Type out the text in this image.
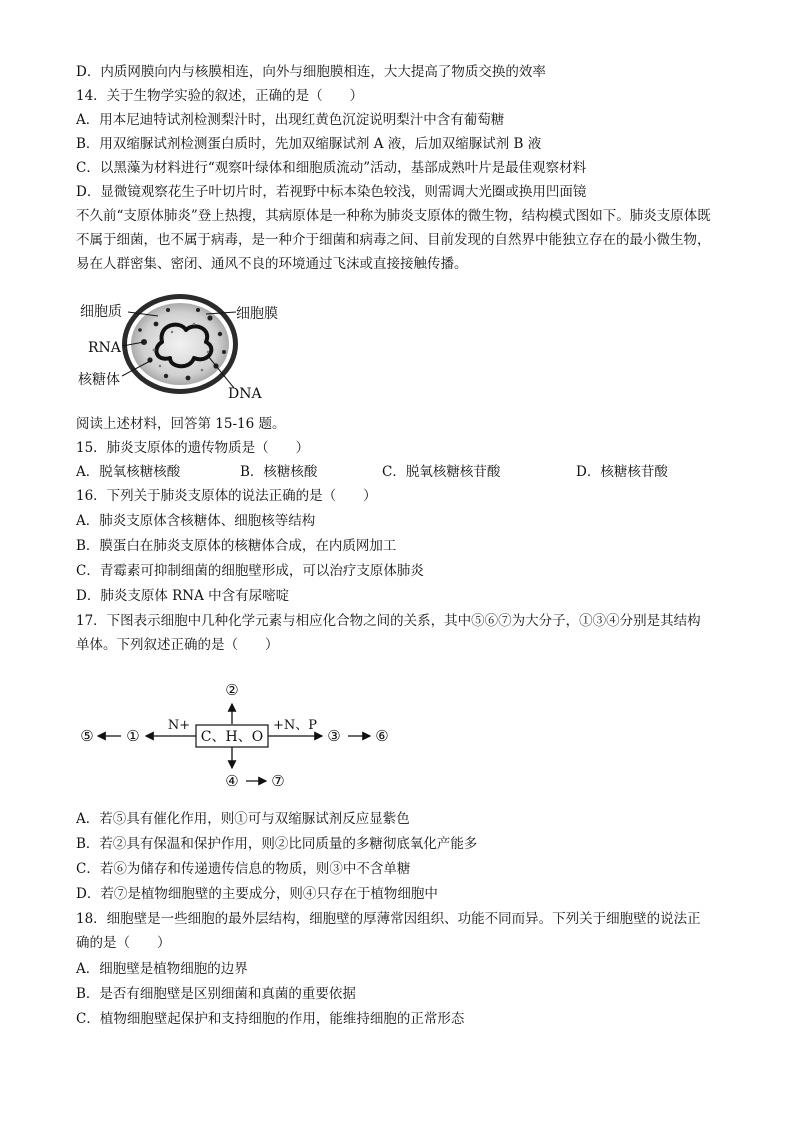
D．内质网膜向内与核膜相连，向外与细胞膜相连，大大提高了物质交换的效率
14．关于生物学实验的叙述，正确的是（　　）
A．用本尼迪特试剂检测梨汁时，出现红黄色沉淀说明梨汁中含有葡萄糖
B．用双缩脲试剂检测蛋白质时，先加双缩脲试剂 A 液，后加双缩脲试剂 B 液
C．以黑藻为材料进行“观察叶绿体和细胞质流动”活动，基部成熟叶片是最佳观察材料
D．显微镜观察花生子叶切片时，若视野中标本染色较浅，则需调大光圈或换用凹面镜
不久前“支原体肺炎”登上热搜，其病原体是一种称为肺炎支原体的微生物，结构模式图如下。肺炎支原体既
不属于细菌，也不属于病毒，是一种介于细菌和病毒之间、目前发现的自然界中能独立存在的最小微生物，
易在人群密集、密闭、通风不良的环境通过飞沫或直接接触传播。
细胞质	细胞膜
RNA
核糖体
DNA
阅读上述材料，回答第 15-16 题。
15．肺炎支原体的遗传物质是（　　）
A．脱氧核糖核酸	B．核糖核酸	C．脱氧核糖核苷酸	D．核糖核苷酸
16．下列关于肺炎支原体的说法正确的是（　　）
A．肺炎支原体含核糖体、细胞核等结构
B．膜蛋白在肺炎支原体的核糖体合成，在内质网加工
C．青霉素可抑制细菌的细胞壁形成，可以治疗支原体肺炎
D．肺炎支原体 RNA 中含有尿嘧啶
17．下图表示细胞中几种化学元素与相应化合物之间的关系，其中⑤⑥⑦为大分子，①③④分别是其结构
单体。下列叙述正确的是（　　）
C、H、O
②
N+
①
⑤
+N、P
③ ⑥
④ ⑦
A．若⑤具有催化作用，则①可与双缩脲试剂反应显紫色
B．若②具有保温和保护作用，则②比同质量的多糖彻底氧化产能多
C．若⑥为储存和传递遗传信息的物质，则③中不含单糖
D．若⑦是植物细胞壁的主要成分，则④只存在于植物细胞中
18．细胞壁是一些细胞的最外层结构，细胞壁的厚薄常因组织、功能不同而异。下列关于细胞壁的说法正
确的是（　　）
A．细胞壁是植物细胞的边界
B．是否有细胞壁是区别细菌和真菌的重要依据
C．植物细胞壁起保护和支持细胞的作用，能维持细胞的正常形态
